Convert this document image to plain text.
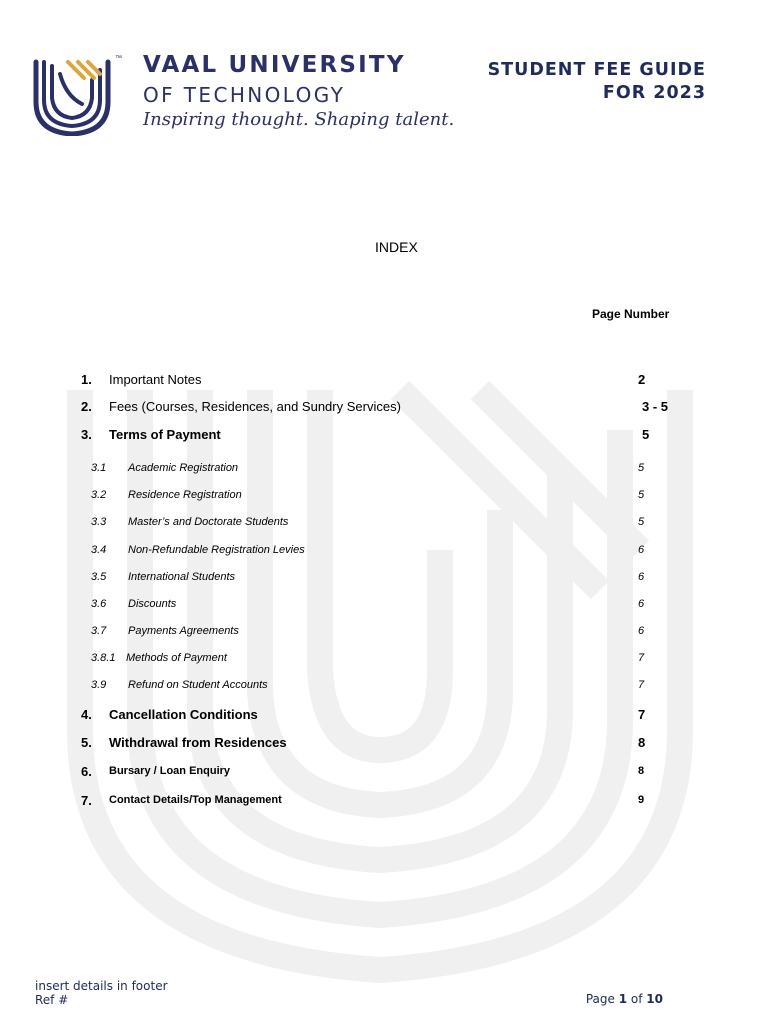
™ VAAL UNIVERSITY
OF TECHNOLOGY
Inspiring thought. Shaping talent.
STUDENT FEE GUIDE
FOR 2023
INDEX
Page Number
1. Important Notes	2
2. Fees (Courses, Residences, and Sundry Services)	3 - 5
3. Terms of Payment	5
3.1 Academic Registration	5
3.2 Residence Registration	5
3.3 Master’s and Doctorate Students	5
3.4 Non-Refundable Registration Levies	6
3.5 International Students	6
3.6 Discounts	6
3.7 Payments Agreements	6
3.8.1 Methods of Payment	7
3.9 Refund on Student Accounts	7
4. Cancellation Conditions	7
5. Withdrawal from Residences	8
6. Bursary / Loan Enquiry	8
7. Contact Details/Top Management	9
insert details in footer
Ref #	Page 1 of 10
